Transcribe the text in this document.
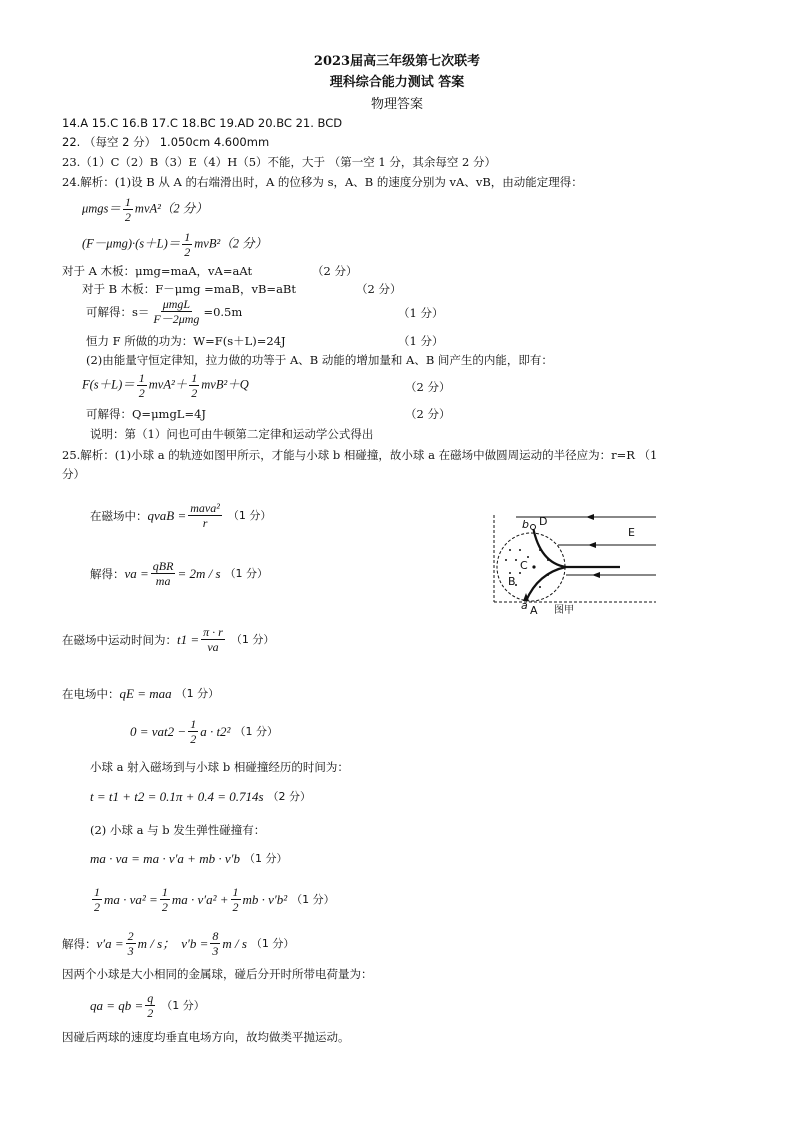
2023届高三年级第七次联考
理科综合能力测试 答案
物理答案
14.A 15.C 16.B 17.C 18.BC 19.AD 20.BC 21. BCD
22. （每空 2 分） 1.050cm 4.600mm
23.（1）C（2）B（3）E（4）H（5）不能，大于 （第一空 1 分，其余每空 2 分）
24.解析：(1)设 B 从 A 的右端滑出时，A 的位移为 s，A、B 的速度分别为 vA、vB，由动能定理得：
$\mu mgs= \frac{1}{2} mvA^2(2$ 分）
$(F-\mu mg)\cdot(s+L)= \frac{1}{2} mvB^2(2$ 分）
对于 A 木板：μmg=maA，vA=aAt	（2 分）
对于 B 木板：F－μmg =maB，vB=aBt	（2 分）
可解得：$s= \frac{\text{μmgL}}{\text{F－2μmg}} =0.5m$	（1 分）
恒力 F 所做的功为：W=F(s＋L)=24J	（1 分）
(2)由能量守恒定律知，拉力做的功等于 A、B 动能的增加量和 A、B 间产生的内能，即有：
$F(s+L)= \frac{1}{2} mvA^2+ \frac{1}{2} mvB^2+Q$	（2 分）
可解得：Q=μmgL=4J	（2 分）
说明：第（1）问也可由牛顿第二定律和运动学公式得出
25.解析：(1)小球 a 的轨迹如图甲所示，才能与小球 b 相碰撞，故小球 a 在磁场中做圆周运动的半径应为：r=R （1
分）
在磁场中： qvaB = $\frac{\text{mava²}}{r} (1$ 分）
解得： va = $\frac{\text{qBR}}{ma} = 2m / s$ （1 分）
在磁场中运动时间为： $t1 = \frac{\pi \cdot r}{va} (1$ 分）
在电场中： qE = maa （1 分）
$0 = vat2 - \frac{1}{2}$ a · t2² （1 分）
小球 a 射入磁场到与小球 b 相碰撞经历的时间为：
t = t1 + t2 = 0.1π + 0.4 = 0.714s （2 分）
(2) 小球 a 与 b 发生弹性碰撞有：
ma · va = ma · v′a + mb · v′b （1 分）
$\frac{1}{2}$ ma · $va^2 = \frac{1}{2}$ ma · $v'a^2 + \frac{1}{2}$ mb · v′b² （1 分）
解得： $v'a = \frac{2}{3}$ m / s； $v'b = \frac{8}{3}$ m / s （1 分）
因两个小球是大小相同的金属球，碰后分开时所带电荷量为：
qa = qb = $\frac{q}{2} (1$ 分）
因碰后两球的速度均垂直电场方向，故均做类平抛运动。
b D
E
C
B
a A 图甲
